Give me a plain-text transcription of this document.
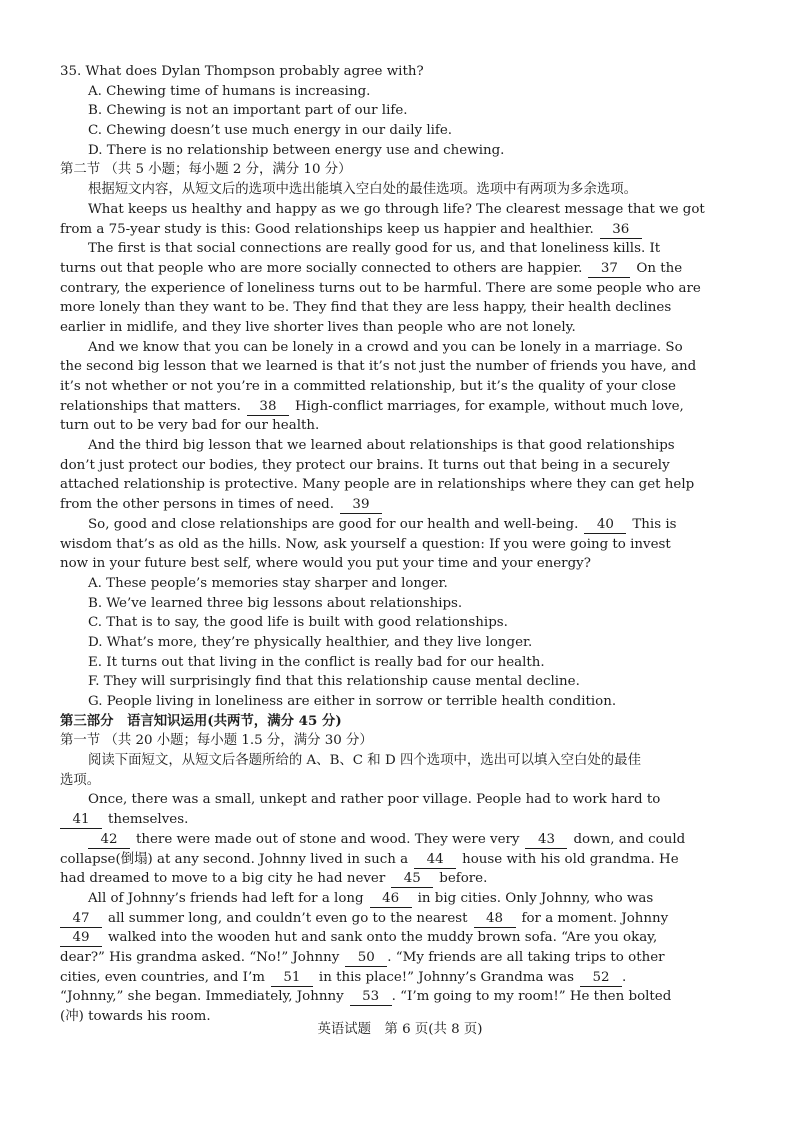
35. What does Dylan Thompson probably agree with?
A. Chewing time of humans is increasing.
B. Chewing is not an important part of our life.
C. Chewing doesn’t use much energy in our daily life.
D. There is no relationship between energy use and chewing.
第二节 （共 5 小题；每小题 2 分，满分 10 分）
根据短文内容，从短文后的选项中选出能填入空白处的最佳选项。选项中有两项为多余选项。
What keeps us healthy and happy as we go through life? The clearest message that we got
from a 75-year study is this: Good relationships keep us happier and healthier. 36
The first is that social connections are really good for us, and that loneliness kills. It
turns out that people who are more socially connected to others are happier. 37 On the
contrary, the experience of loneliness turns out to be harmful. There are some people who are
more lonely than they want to be. They find that they are less happy, their health declines
earlier in midlife, and they live shorter lives than people who are not lonely.
And we know that you can be lonely in a crowd and you can be lonely in a marriage. So
the second big lesson that we learned is that it’s not just the number of friends you have, and
it’s not whether or not you’re in a committed relationship, but it’s the quality of your close
relationships that matters. 38 High-conflict marriages, for example, without much love,
turn out to be very bad for our health.
And the third big lesson that we learned about relationships is that good relationships
don’t just protect our bodies, they protect our brains. It turns out that being in a securely
attached relationship is protective. Many people are in relationships where they can get help
from the other persons in times of need. 39
So, good and close relationships are good for our health and well-being. 40 This is
wisdom that’s as old as the hills. Now, ask yourself a question: If you were going to invest
now in your future best self, where would you put your time and your energy?
A. These people’s memories stay sharper and longer.
B. We’ve learned three big lessons about relationships.
C. That is to say, the good life is built with good relationships.
D. What’s more, they’re physically healthier, and they live longer.
E. It turns out that living in the conflict is really bad for our health.
F. They will surprisingly find that this relationship cause mental decline.
G. People living in loneliness are either in sorrow or terrible health condition.
第三部分　语言知识运用(共两节，满分 45 分)
第一节 （共 20 小题；每小题 1.5 分，满分 30 分）
阅读下面短文，从短文后各题所给的 A、B、C 和 D 四个选项中，选出可以填入空白处的最佳
选项。
Once, there was a small, unkept and rather poor village. People had to work hard to
41 themselves.
42 there were made out of stone and wood. They were very 43 down, and could
collapse(倒塌) at any second. Johnny lived in such a 44 house with his old grandma. He
had dreamed to move to a big city he had never 45 before.
All of Johnny’s friends had left for a long 46 in big cities. Only Johnny, who was
47 all summer long, and couldn’t even go to the nearest 48 for a moment. Johnny
49 walked into the wooden hut and sank onto the muddy brown sofa. “Are you okay,
dear?” His grandma asked. “No!” Johnny 50 . “My friends are all taking trips to other
cities, even countries, and I’m 51 in this place!” Johnny’s Grandma was 52 .
“Johnny,” she began. Immediately, Johnny 53 . “I’m going to my room!” He then bolted
(冲) towards his room.
英语试题　第 6 页(共 8 页)
